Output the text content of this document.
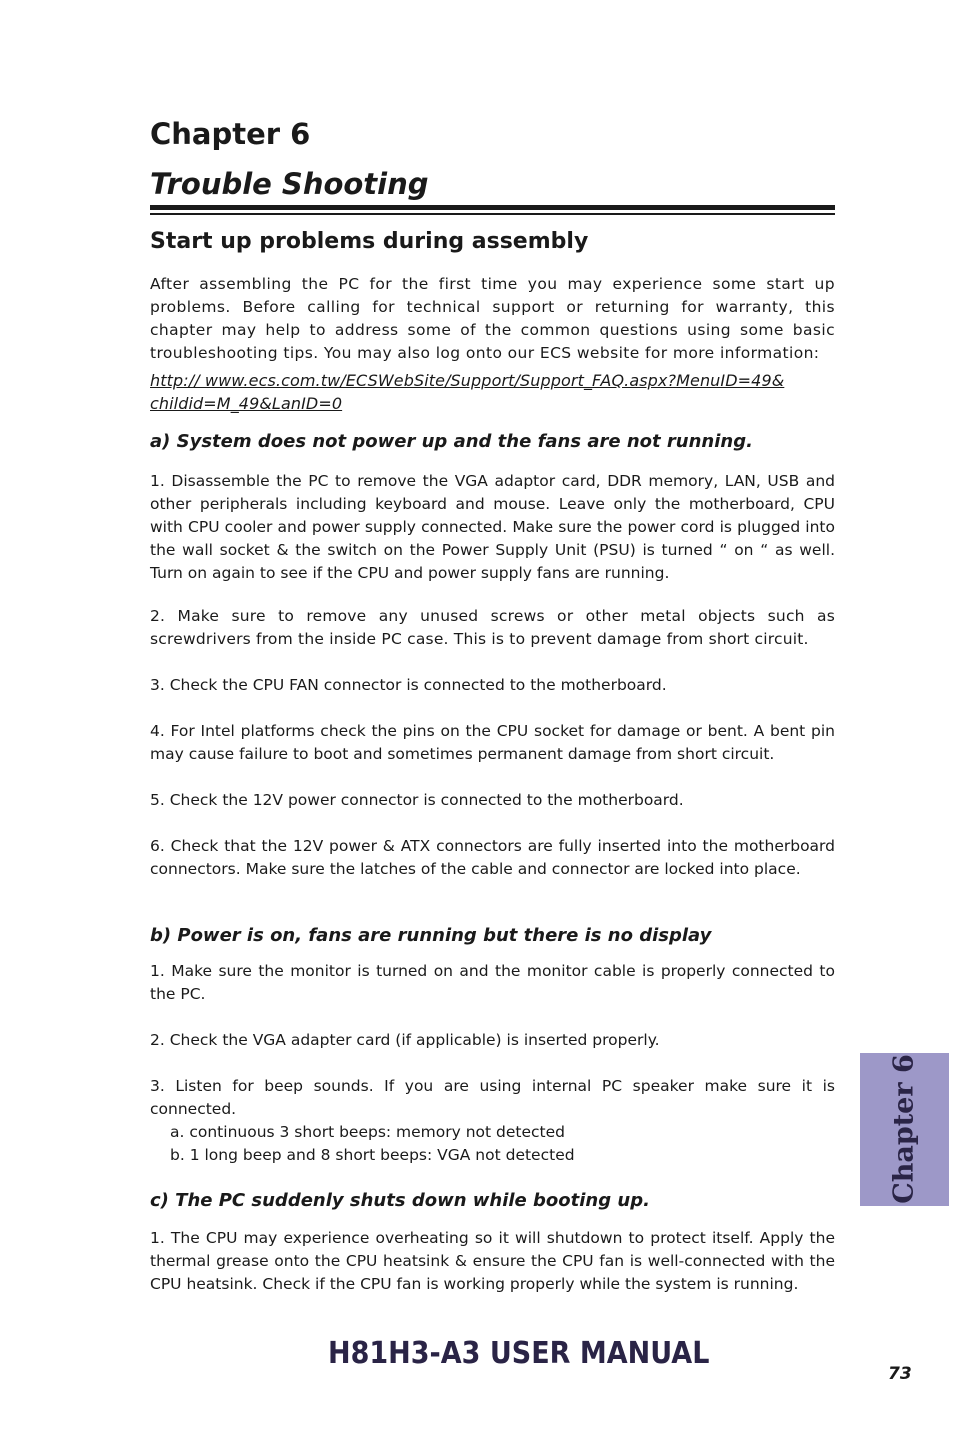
Chapter 6
Trouble Shooting
Start up problems during assembly

After assembling the PC for the first time you may experience some start up problems. Before calling for technical support or returning for warranty, this chapter may help to address some of the common questions using some basic troubleshooting tips. You may also log onto our ECS website for more information:

http:// www.ecs.com.tw/ECSWebSite/Support/Support_FAQ.aspx?MenuID=49&
childid=M_49&LanID=0

a) System does not power up and the fans are not running.

1. Disassemble the PC to remove the VGA adaptor card, DDR memory, LAN, USB and other peripherals including keyboard and mouse. Leave only the motherboard, CPU with CPU cooler and power supply connected. Make sure the power cord is plugged into the wall socket & the switch on the Power Supply Unit (PSU) is turned “ on “ as well. Turn on again to see if the CPU and power supply fans are running.

2. Make sure to remove any unused screws or other metal objects such as screwdrivers from the inside PC case. This is to prevent damage from short circuit.

3. Check the CPU FAN connector is connected to the motherboard.

4. For Intel platforms check the pins on the CPU socket for damage or bent. A bent pin may cause failure to boot and sometimes permanent damage from short circuit.

5. Check the 12V power connector is connected to the motherboard.

6. Check that the 12V power & ATX connectors are fully inserted into the motherboard connectors. Make sure the latches of the cable and connector are locked into place.

b) Power is on, fans are running but there is no display

1. Make sure the monitor is turned on and the monitor cable is properly connected to the PC.

2. Check the VGA adapter card (if applicable) is inserted properly.

3. Listen for beep sounds. If you are using internal PC speaker make sure it is connected.

a. continuous 3 short beeps: memory not detected

b. 1 long beep and 8 short beeps: VGA not detected

c) The PC suddenly shuts down while booting up.

1. The CPU may experience overheating so it will shutdown to protect itself. Apply the thermal grease onto the CPU heatsink & ensure the CPU fan is well-connected with the CPU heatsink. Check if the CPU fan is working properly while the system is running.

Chapter 6
H81H3-A3 USER MANUAL
73
